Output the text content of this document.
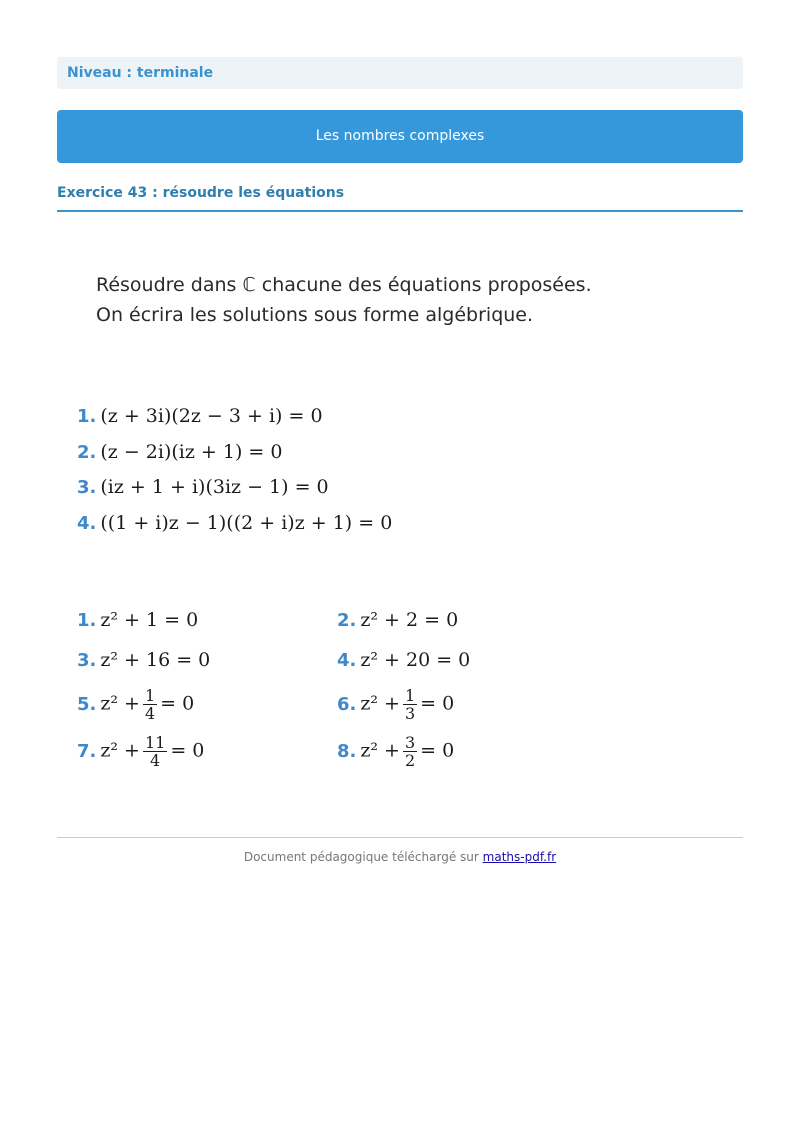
Niveau : terminale
Les nombres complexes
Exercice 43 : résoudre les équations
Résoudre dans ℂ chacune des équations proposées.
On écrira les solutions sous forme algébrique.
1. (z + 3i)(2z − 3 + i) = 0
2. (z − 2i)(iz + 1) = 0
3. (iz + 1 + i)(3iz − 1) = 0
4. ((1 + i)z − 1)((2 + i)z + 1) = 0
1. z² + 1 = 0	2. z² + 2 = 0
3. z² + 16 = 0	4. z² + 20 = 0
5. $z^2 + \frac{1}{4} = 0$	6. $z^2 + \frac{1}{3} = 0$
7. $z^2 + \frac{11}{4} = 0$	8. $z^2 + \frac{3}{2} = 0$
Document pédagogique téléchargé sur maths-pdf.fr
